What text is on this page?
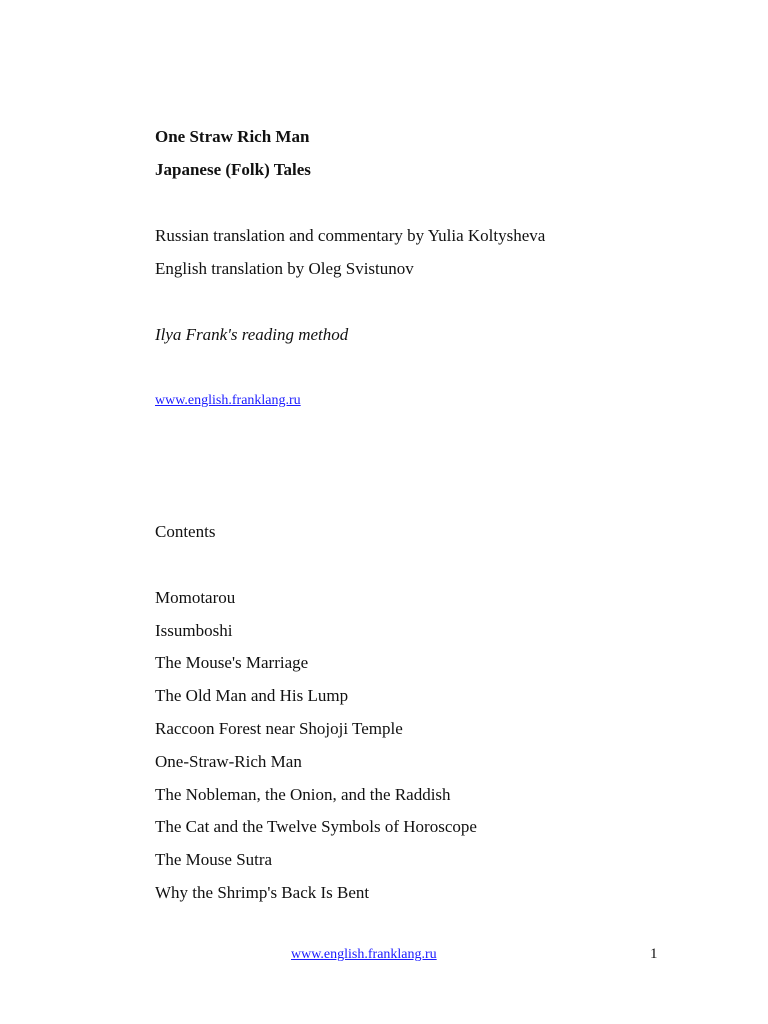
One Straw Rich Man
Japanese (Folk) Tales
Russian translation and commentary by Yulia Koltysheva
English translation by Oleg Svistunov
Ilya Frank's reading method
www.english.franklang.ru
Contents
Momotarou
Issumboshi
The Mouse's Marriage
The Old Man and His Lump
Raccoon Forest near Shojoji Temple
One-Straw-Rich Man
The Nobleman, the Onion, and the Raddish
The Cat and the Twelve Symbols of Horoscope
The Mouse Sutra
Why the Shrimp's Back Is Bent
www.english.franklang.ru	1
